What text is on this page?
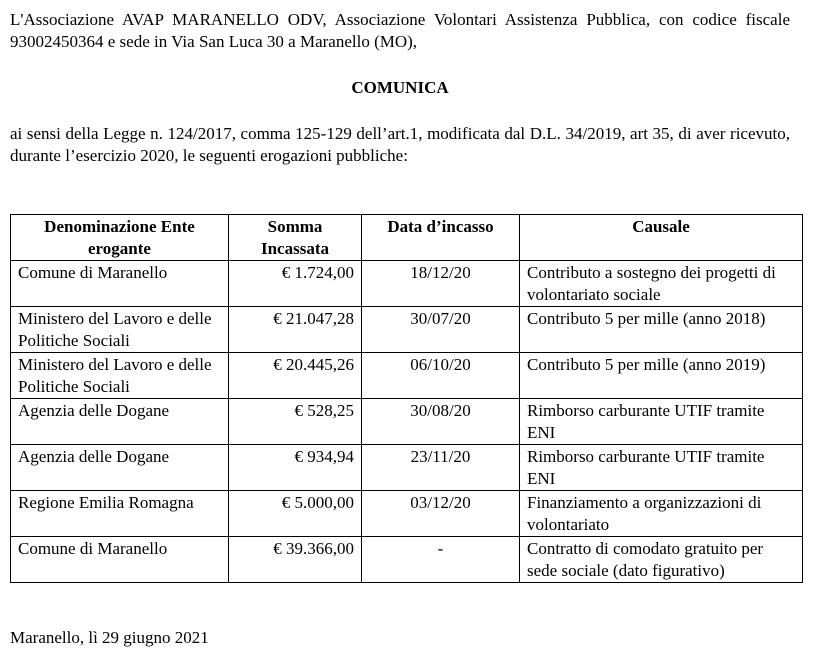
L'Associazione AVAP MARANELLO ODV, Associazione Volontari Assistenza Pubblica, con codice fiscale 93002450364 e sede in Via San Luca 30 a Maranello (MO),

COMUNICA

ai sensi della Legge n. 124/2017, comma 125-129 dell’art.1, modificata dal D.L. 34/2019, art 35, di aver ricevuto, durante l’esercizio 2020, le seguenti erogazioni pubbliche:

Denominazione Ente erogante	Somma Incassata	Data d’incasso	Causale
Comune di Maranello	€ 1.724,00	18/12/20	Contributo a sostegno dei progetti di volontariato sociale
Ministero del Lavoro e delle Politiche Sociali	€ 21.047,28	30/07/20	Contributo 5 per mille (anno 2018)
Ministero del Lavoro e delle Politiche Sociali	€ 20.445,26	06/10/20	Contributo 5 per mille (anno 2019)
Agenzia delle Dogane	€ 528,25	30/08/20	Rimborso carburante UTIF tramite ENI
Agenzia delle Dogane	€ 934,94	23/11/20	Rimborso carburante UTIF tramite ENI
Regione Emilia Romagna	€ 5.000,00	03/12/20	Finanziamento a organizzazioni di volontariato
Comune di Maranello	€ 39.366,00	-	Contratto di comodato gratuito per sede sociale (dato figurativo)

Maranello, lì 29 giugno 2021
